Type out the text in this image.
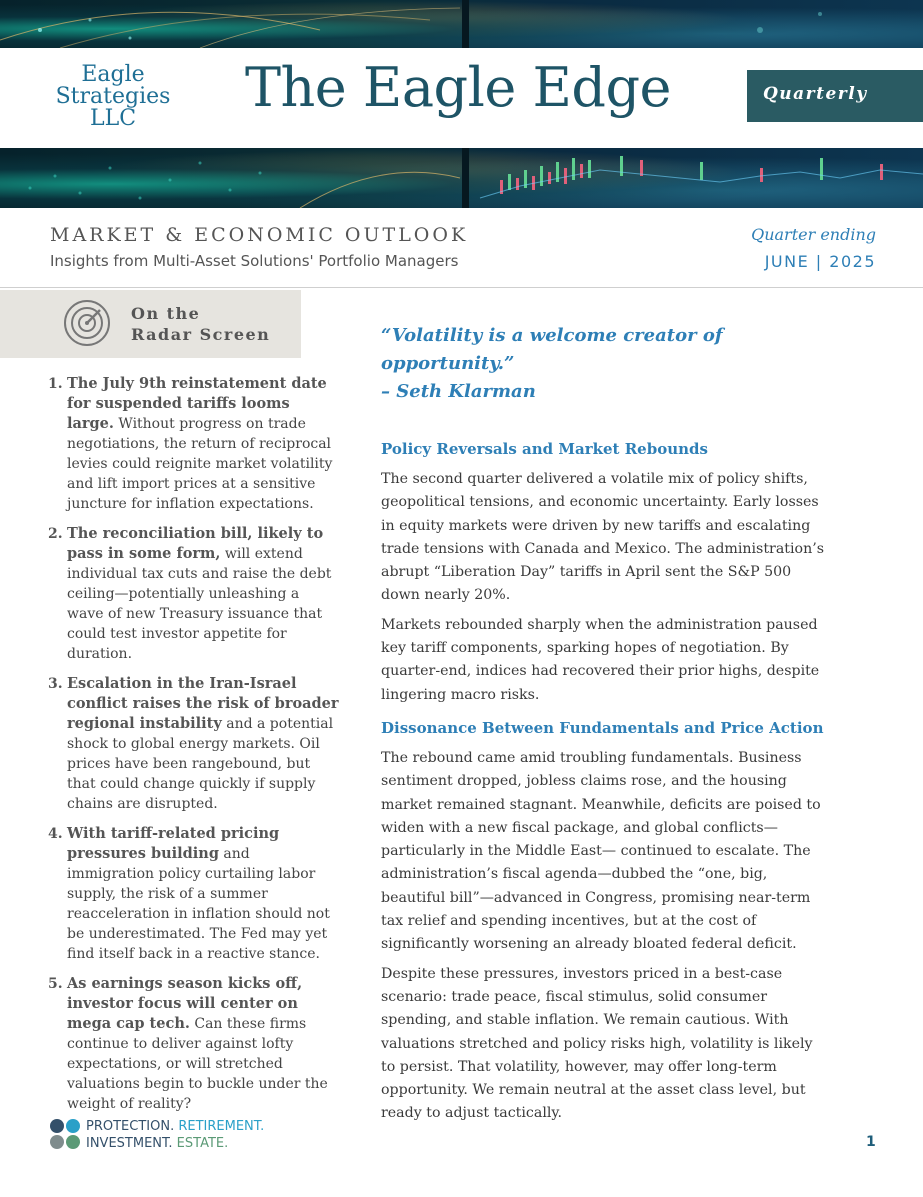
Eagle
Strategies
LLC	The Eagle Edge	Quarterly
MARKET & ECONOMIC OUTLOOK
Insights from Multi-Asset Solutions' Portfolio Managers
Quarter ending
JUNE | 2025
On the
Radar Screen
1. The July 9th reinstatement date for suspended tariffs looms large. Without progress on trade negotiations, the return of reciprocal levies could reignite market volatility and lift import prices at a sensitive juncture for inflation expectations.
2. The reconciliation bill, likely to pass in some form, will extend individual tax cuts and raise the debt ceiling—potentially unleashing a wave of new Treasury issuance that could test investor appetite for duration.
3. Escalation in the Iran-Israel conflict raises the risk of broader regional instability and a potential shock to global energy markets. Oil prices have been rangebound, but that could change quickly if supply chains are disrupted.
4. With tariff-related pricing pressures building and immigration policy curtailing labor supply, the risk of a summer reacceleration in inflation should not be underestimated. The Fed may yet find itself back in a reactive stance.
5. As earnings season kicks off, investor focus will center on mega cap tech. Can these firms continue to deliver against lofty expectations, or will stretched valuations begin to buckle under the weight of reality?
“Volatility is a welcome creator of opportunity.”
– Seth Klarman
Policy Reversals and Market Rebounds

The second quarter delivered a volatile mix of policy shifts, geopolitical tensions, and economic uncertainty. Early losses in equity markets were driven by new tariffs and escalating trade tensions with Canada and Mexico. The administration’s abrupt “Liberation Day” tariffs in April sent the S&P 500 down nearly 20%.

Markets rebounded sharply when the administration paused key tariff components, sparking hopes of negotiation. By quarter-end, indices had recovered their prior highs, despite lingering macro risks.

Dissonance Between Fundamentals and Price Action

The rebound came amid troubling fundamentals. Business sentiment dropped, jobless claims rose, and the housing market remained stagnant. Meanwhile, deficits are poised to widen with a new fiscal package, and global conflicts—particularly in the Middle East— continued to escalate. The administration’s fiscal agenda—dubbed the “one, big, beautiful bill”—advanced in Congress, promising near-term tax relief and spending incentives, but at the cost of significantly worsening an already bloated federal deficit.

Despite these pressures, investors priced in a best-case scenario: trade peace, fiscal stimulus, solid consumer spending, and stable inflation. We remain cautious. With valuations stretched and policy risks high, volatility is likely to persist. That volatility, however, may offer long-term opportunity. We remain neutral at the asset class level, but ready to adjust tactically.

PROTECTION. RETIREMENT.
INVESTMENT. ESTATE.	1
